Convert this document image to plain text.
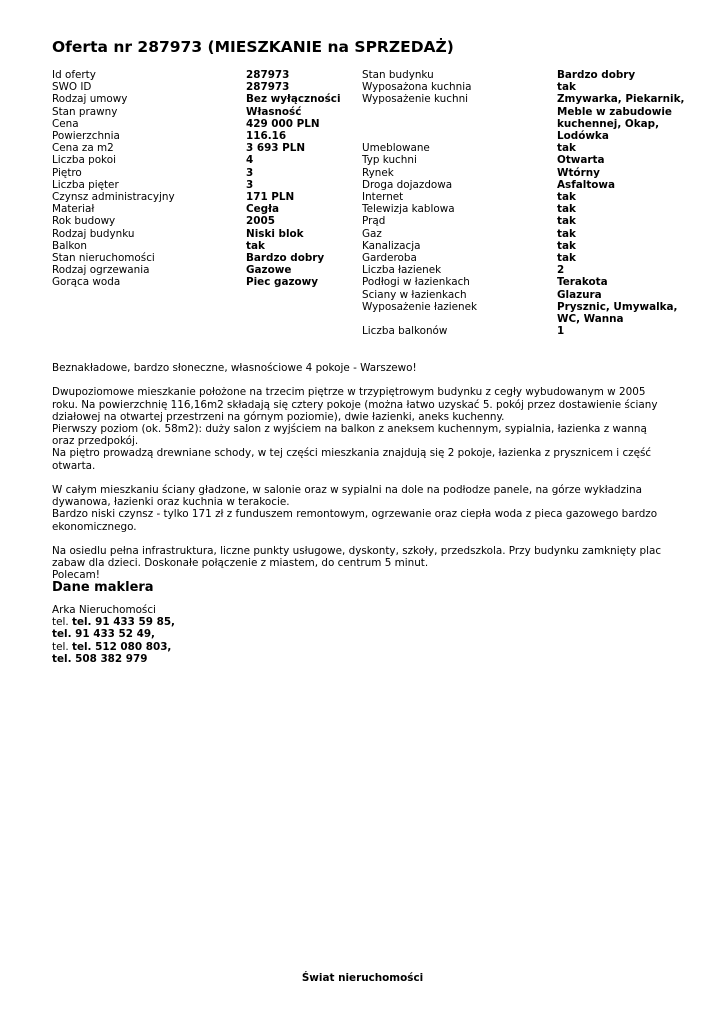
Oferta nr 287973 (MIESZKANIE na SPRZEDAŻ)
Id oferty	287973
SWO ID	287973
Rodzaj umowy	Bez wyłączności
Stan prawny	Własność
Cena	429 000 PLN
Powierzchnia	116.16
Cena za m2	3 693 PLN
Liczba pokoi	4
Piętro	3
Liczba pięter	3
Czynsz administracyjny	171 PLN
Materiał	Cegła
Rok budowy	2005
Rodzaj budynku	Niski blok
Balkon	tak
Stan nieruchomości	Bardzo dobry
Rodzaj ogrzewania	Gazowe
Gorąca woda	Piec gazowy
Stan budynku	Bardzo dobry
Wyposażona kuchnia	tak
Wyposażenie kuchni	Zmywarka, Piekarnik, Meble w zabudowie kuchennej, Okap, Lodówka
Umeblowane	tak
Typ kuchni	Otwarta
Rynek	Wtórny
Droga dojazdowa	Asfaltowa
Internet	tak
Telewizja kablowa	tak
Prąd	tak
Gaz	tak
Kanalizacja	tak
Garderoba	tak
Liczba łazienek	2
Podłogi w łazienkach	Terakota
Sciany w łazienkach	Glazura
Wyposażenie łazienek	Prysznic, Umywalka, WC, Wanna
Liczba balkonów	1

Beznakładowe, bardzo słoneczne, własnościowe 4 pokoje - Warszewo!

Dwupoziomowe mieszkanie położone na trzecim piętrze w trzypiętrowym budynku z cegły wybudowanym w 2005 roku. Na powierzchnię 116,16m2 składają się cztery pokoje (można łatwo uzyskać 5. pokój przez dostawienie ściany działowej na otwartej przestrzeni na górnym poziomie), dwie łazienki, aneks kuchenny.

Pierwszy poziom (ok. 58m2): duży salon z wyjściem na balkon z aneksem kuchennym, sypialnia, łazienka z wanną oraz przedpokój.

Na piętro prowadzą drewniane schody, w tej części mieszkania znajdują się 2 pokoje, łazienka z prysznicem i część otwarta.

W całym mieszkaniu ściany gładzone, w salonie oraz w sypialni na dole na podłodze panele, na górze wykładzina dywanowa, łazienki oraz kuchnia w terakocie.

Bardzo niski czynsz - tylko 171 zł z funduszem remontowym, ogrzewanie oraz ciepła woda z pieca gazowego bardzo ekonomicznego.

Na osiedlu pełna infrastruktura, liczne punkty usługowe, dyskonty, szkoły, przedszkola. Przy budynku zamknięty plac zabaw dla dzieci. Doskonałe połączenie z miastem, do centrum 5 minut.

Polecam!

Dane maklera
Arka Nieruchomości
tel. tel. 91 433 59 85,
tel. 91 433 52 49,
tel. tel. 512 080 803,
tel. 508 382 979
Świat nieruchomości
